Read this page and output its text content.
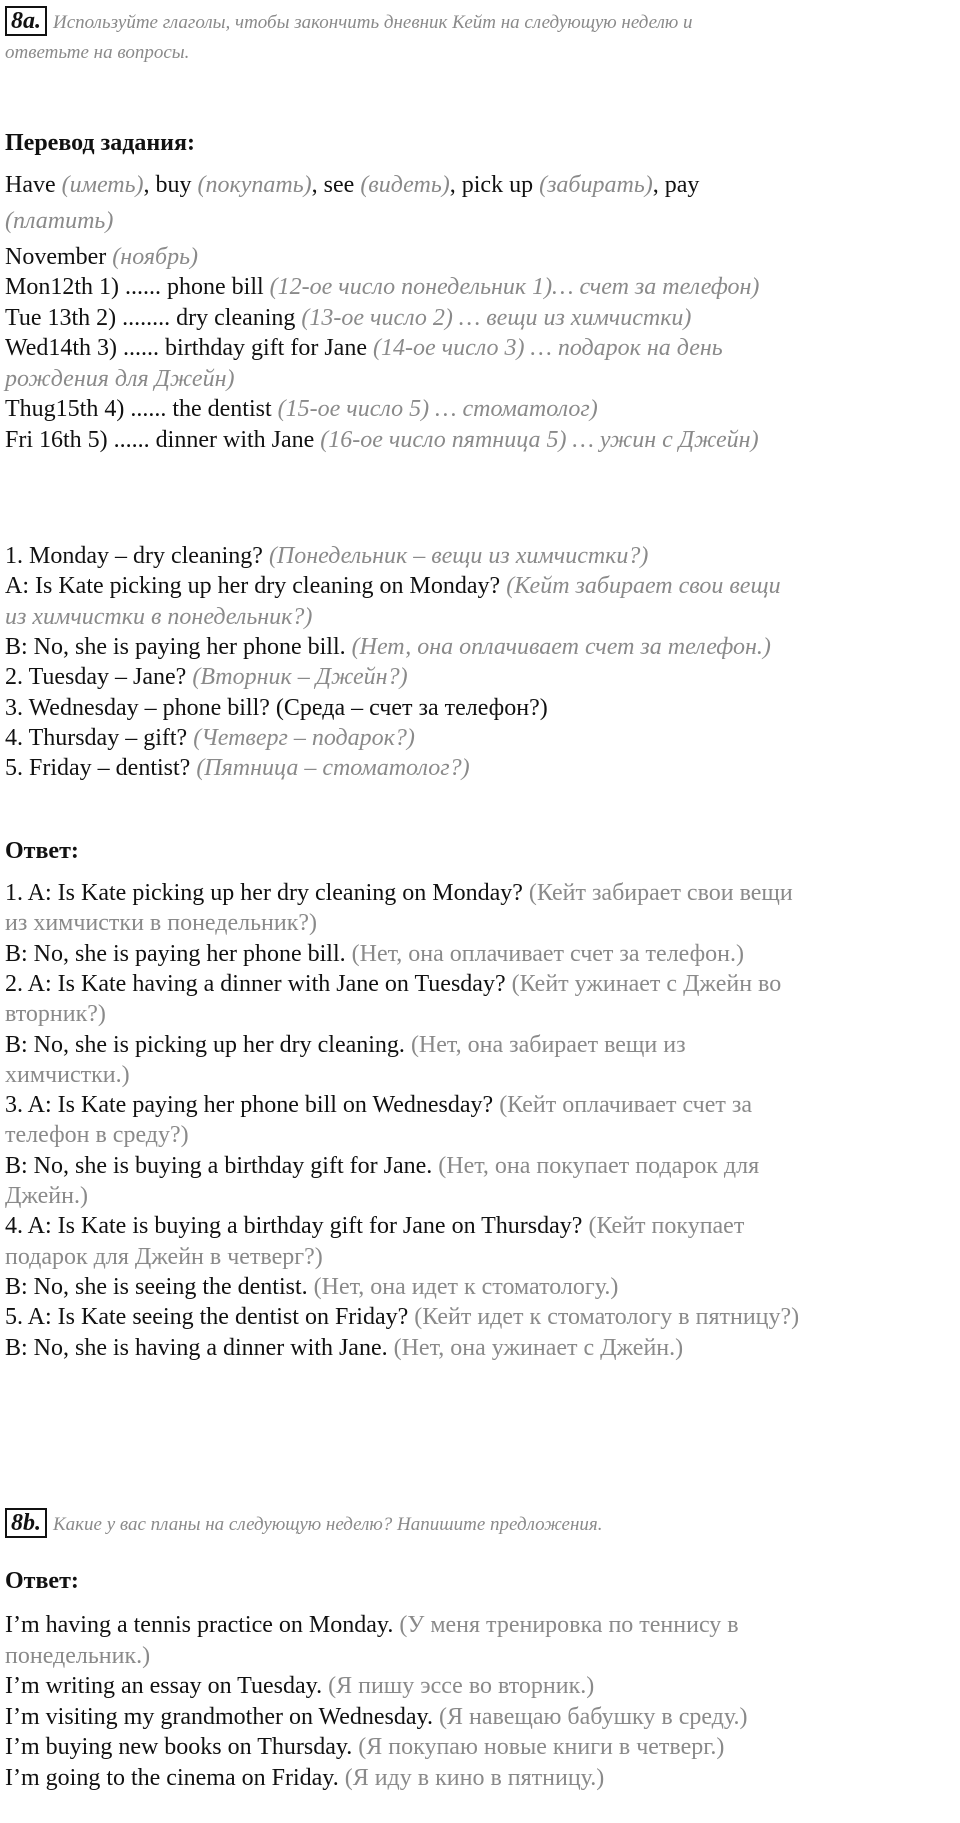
8a. Используйте глаголы, чтобы закончить дневник Кейт на следующую неделю и
ответьте на вопросы.
Перевод задания:
Have (иметь), buy (покупать), see (видеть), pick up (забирать), pay
(платить)
November (ноябрь)
Mon12th 1) ...... phone bill (12-ое число понедельник 1)… счет за телефон)
Tue 13th 2) ........ dry cleaning (13-ое число 2) … вещи из химчистки)
Wed14th 3) ...... birthday gift for Jane (14-ое число 3) … подарок на день
рождения для Джейн)
Thug15th 4) ...... the dentist (15-ое число 5) … стоматолог)
Fri 16th 5) ...... dinner with Jane (16-ое число пятница 5) … ужин с Джейн)
1. Monday – dry cleaning? (Понедельник – вещи из химчистки?)
A: Is Kate picking up her dry cleaning on Monday? (Кейт забирает свои вещи
из химчистки в понедельник?)
B: No, she is paying her phone bill. (Нет, она оплачивает счет за телефон.)
2. Tuesday – Jane? (Вторник – Джейн?)
3. Wednesday – phone bill? (Среда – счет за телефон?)
4. Thursday – gift? (Четверг – подарок?)
5. Friday – dentist? (Пятница – стоматолог?)
Ответ:
1. A: Is Kate picking up her dry cleaning on Monday? (Кейт забирает свои вещи
из химчистки в понедельник?)
B: No, she is paying her phone bill. (Нет, она оплачивает счет за телефон.)
2. A: Is Kate having a dinner with Jane on Tuesday? (Кейт ужинает с Джейн во
вторник?)
B: No, she is picking up her dry cleaning. (Нет, она забирает вещи из
химчистки.)
3. A: Is Kate paying her phone bill on Wednesday? (Кейт оплачивает счет за
телефон в среду?)
B: No, she is buying a birthday gift for Jane. (Нет, она покупает подарок для
Джейн.)
4. A: Is Kate is buying a birthday gift for Jane on Thursday? (Кейт покупает
подарок для Джейн в четверг?)
B: No, she is seeing the dentist. (Нет, она идет к стоматологу.)
5. A: Is Kate seeing the dentist on Friday? (Кейт идет к стоматологу в пятницу?)
B: No, she is having a dinner with Jane. (Нет, она ужинает с Джейн.)
8b. Какие у вас планы на следующую неделю? Напишите предложения.
Ответ:
I’m having a tennis practice on Monday. (У меня тренировка по теннису в
понедельник.)
I’m writing an essay on Tuesday. (Я пишу эссе во вторник.)
I’m visiting my grandmother on Wednesday. (Я навещаю бабушку в среду.)
I’m buying new books on Thursday. (Я покупаю новые книги в четверг.)
I’m going to the cinema on Friday. (Я иду в кино в пятницу.)
